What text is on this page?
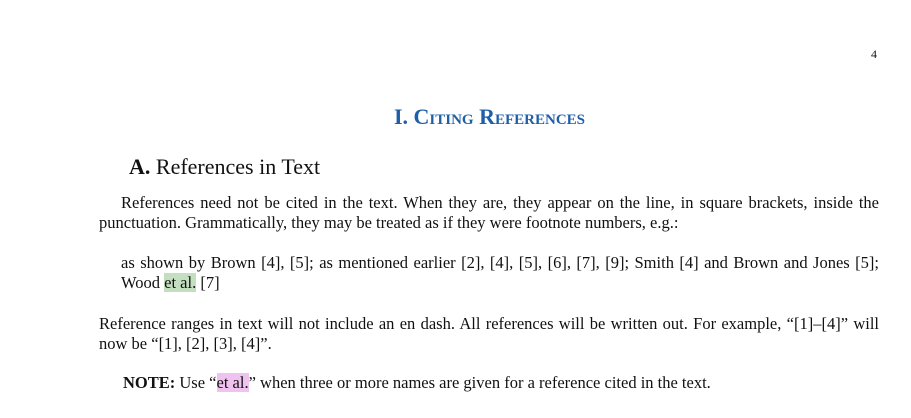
4
I. Citing References
A. References in Text

References need not be cited in the text. When they are, they appear on the line, in square brackets, inside the punctuation. Grammatically, they may be treated as if they were footnote numbers, e.g.:

as shown by Brown [4], [5]; as mentioned earlier [2], [4], [5], [6], [7], [9]; Smith [4] and Brown and Jones [5]; Wood et al. [7]

Reference ranges in text will not include an en dash. All references will be written out. For example, “[1]–[4]” will now be “[1], [2], [3], [4]”.

NOTE: Use “et al.” when three or more names are given for a reference cited in the text.
